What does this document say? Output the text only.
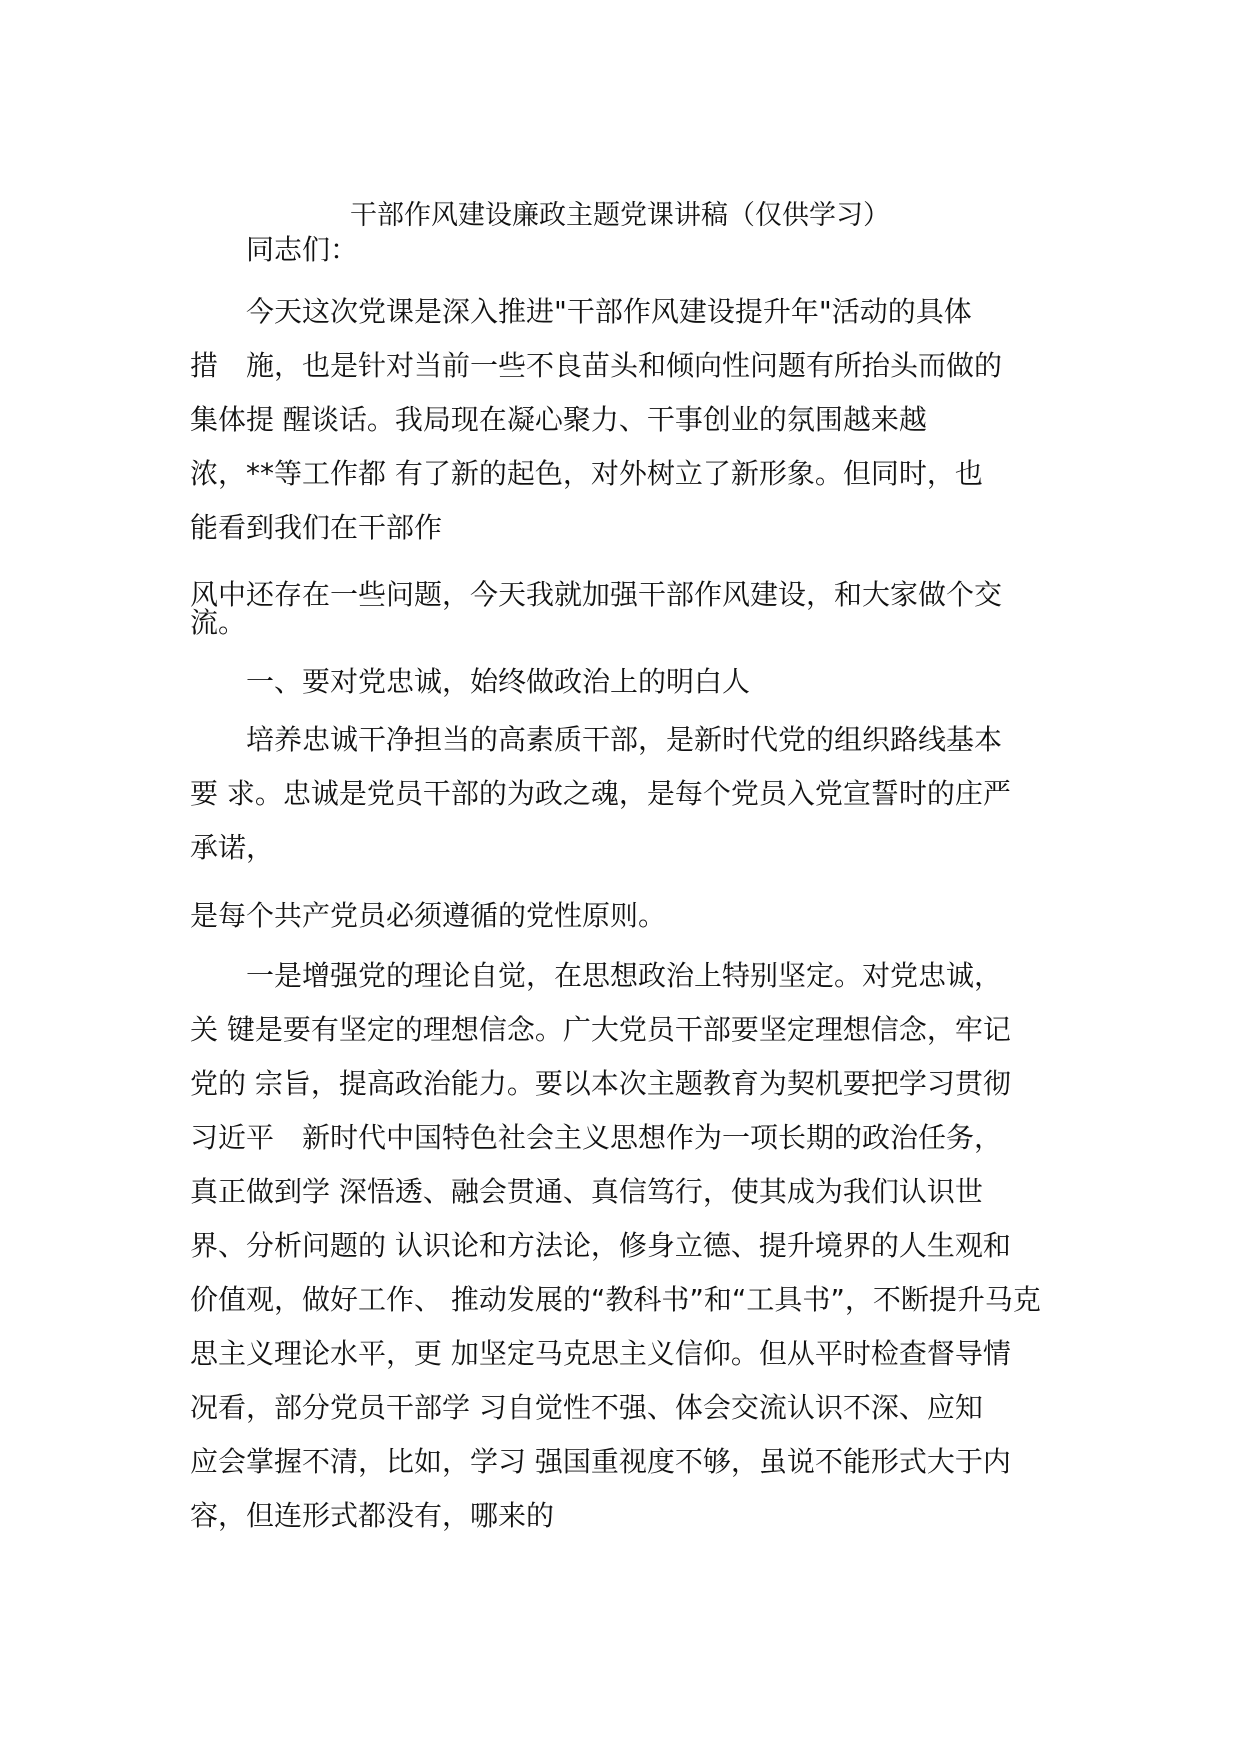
干部作风建设廉政主题党课讲稿（仅供学习）
同志们：
今天这次党课是深入推进"干部作风建设提升年"活动的具体
措　施，也是针对当前一些不良苗头和倾向性问题有所抬头而做的
集体提 醒谈话。我局现在凝心聚力、干事创业的氛围越来越
浓，**等工作都 有了新的起色，对外树立了新形象。但同时，也
能看到我们在干部作
风中还存在一些问题，今天我就加强干部作风建设，和大家做个交
流。
一、要对党忠诚，始终做政治上的明白人
培养忠诚干净担当的高素质干部，是新时代党的组织路线基本
要 求。忠诚是党员干部的为政之魂，是每个党员入党宣誓时的庄严
承诺，
是每个共产党员必须遵循的党性原则。
一是增强党的理论自觉，在思想政治上特别坚定。对党忠诚，
关 键是要有坚定的理想信念。广大党员干部要坚定理想信念，牢记
党的 宗旨，提高政治能力。要以本次主题教育为契机要把学习贯彻
习近平　新时代中国特色社会主义思想作为一项长期的政治任务，
真正做到学 深悟透、融会贯通、真信笃行，使其成为我们认识世
界、分析问题的 认识论和方法论，修身立德、提升境界的人生观和
价值观，做好工作、 推动发展的“教科书”和“工具书”，不断提升马克
思主义理论水平，更 加坚定马克思主义信仰。但从平时检查督导情
况看，部分党员干部学 习自觉性不强、体会交流认识不深、应知
应会掌握不清，比如，学习 强国重视度不够，虽说不能形式大于内
容，但连形式都没有，哪来的
